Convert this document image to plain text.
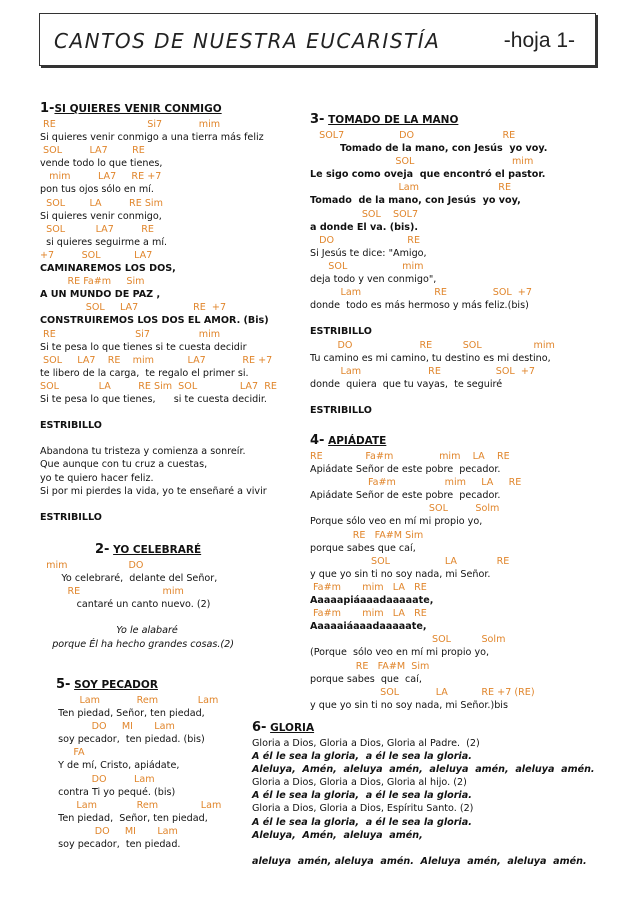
CANTOS DE NUESTRA EUCARISTÍA	-hoja 1-
1-SI QUIERES VENIR CONMIGO
RE                              Si7            mim
Si quieres venir conmigo a una tierra más feliz
SOL         LA7        RE
vende todo lo que tienes,
mim         LA7     RE +7
pon tus ojos sólo en mí.
SOL        LA         RE Sim
Si quieres venir conmigo,
SOL          LA7         RE
si quieres seguirme a mí.
+7         SOL           LA7
CAMINAREMOS LOS DOS,
RE Fa#m     Sim
A UN MUNDO DE PAZ ,
SOL     LA7                  RE  +7
CONSTRUIREMOS LOS DOS EL AMOR. (Bis)
RE                          Si7                mim
Si te pesa lo que tienes si te cuesta decidir
SOL     LA7    RE    mim           LA7            RE +7
te libero de la carga,  te regalo el primer si.
SOL             LA         RE Sim  SOL              LA7  RE
Si te pesa lo que tienes,      si te cuesta decidir.
ESTRIBILLO
Abandona tu tristeza y comienza a sonreír.
Que aunque con tu cruz a cuestas,
yo te quiero hacer feliz.
Si por mi pierdes la vida, yo te enseñaré a vivir
ESTRIBILLO
2- YO CELEBRARÉ
mim                    DO
Yo celebraré,  delante del Señor,
RE                           mim
cantaré un canto nuevo. (2)
Yo le alabaré
porque Él ha hecho grandes cosas.(2)
3- TOMADO DE LA MANO
SOL7                  DO                             RE
Tomado de la mano, con Jesús  yo voy.
SOL                                mim
Le sigo como oveja  que encontró el pastor.
Lam                          RE
Tomado  de la mano, con Jesús  yo voy,
SOL    SOL7
a donde El va. (bis).
DO                        RE
Si Jesús te dice: "Amigo,
SOL                  mim
deja todo y ven conmigo",
Lam                        RE               SOL  +7
donde  todo es más hermoso y más feliz.(bis)
ESTRIBILLO
DO                      RE          SOL                 mim
Tu camino es mi camino, tu destino es mi destino,
Lam                      RE                  SOL  +7
donde  quiera  que tu vayas,  te seguiré
ESTRIBILLO
4- APIÁDATE
RE              Fa#m               mim    LA    RE
Apiádate Señor de este pobre  pecador.
Fa#m                mim     LA     RE
Apiádate Señor de este pobre  pecador.
SOL         Solm
Porque sólo veo en mí mi propio yo,
RE   FA#M Sim
porque sabes que caí,
SOL                  LA             RE
y que yo sin ti no soy nada, mi Señor.
Fa#m       mim   LA   RE
Aaaaapiáaaadaaaaate,
Fa#m       mim   LA   RE
Aaaaaiáaaadaaaaate,
SOL          Solm
(Porque  sólo veo en mí mi propio yo,
RE   FA#M  Sim
porque sabes  que  caí,
SOL            LA           RE +7 (RE)
y que yo sin ti no soy nada, mi Señor.)bis
5- SOY PECADOR
Lam            Rem             Lam
Ten piedad, Señor, ten piedad,
DO     MI       Lam
soy pecador,  ten piedad. (bis)
FA
Y de mí, Cristo, apiádate,
DO         Lam
contra Ti yo pequé. (bis)
Lam             Rem              Lam
Ten piedad,  Señor, ten piedad,
DO     MI       Lam
soy pecador,  ten piedad.
6- GLORIA
Gloria a Dios, Gloria a Dios, Gloria al Padre.  (2)
A él le sea la gloria,  a él le sea la gloria.
Aleluya,  Amén,  aleluya  amén,  aleluya  amén,  aleluya  amén.
Gloria a Dios, Gloria a Dios, Gloria al hijo. (2)
A él le sea la gloria,  a él le sea la gloria.
Gloria a Dios, Gloria a Dios, Espíritu Santo. (2)
A él le sea la gloria,  a él le sea la gloria.
Aleluya,  Amén,  aleluya  amén,
aleluya  amén, aleluya  amén.  Aleluya  amén,  aleluya  amén.
